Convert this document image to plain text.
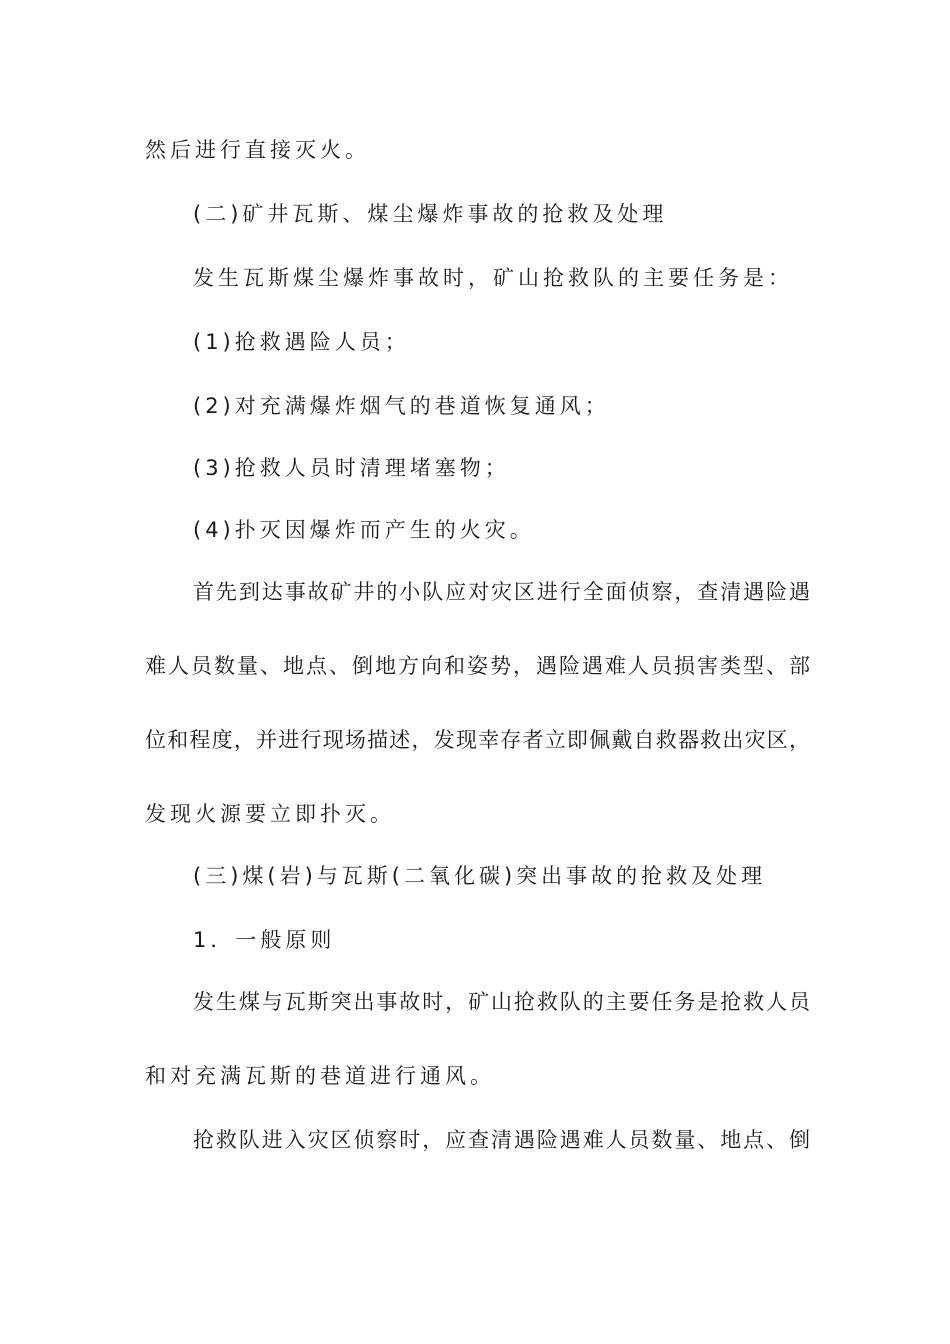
然后进行直接灭火。
(二)矿井瓦斯、煤尘爆炸事故的抢救及处理
发生瓦斯煤尘爆炸事故时，矿山抢救队的主要任务是：
(1)抢救遇险人员；
(2)对充满爆炸烟气的巷道恢复通风；
(3)抢救人员时清理堵塞物；
(4)扑灭因爆炸而产生的火灾。
首先到达事故矿井的小队应对灾区进行全面侦察，查清遇险遇
难人员数量、地点、倒地方向和姿势，遇险遇难人员损害类型、部
位和程度，并进行现场描述，发现幸存者立即佩戴自救器救出灾区，
发现火源要立即扑灭。
(三)煤(岩)与瓦斯(二氧化碳)突出事故的抢救及处理
1．一般原则
发生煤与瓦斯突出事故时，矿山抢救队的主要任务是抢救人员
和对充满瓦斯的巷道进行通风。
抢救队进入灾区侦察时，应查清遇险遇难人员数量、地点、倒
